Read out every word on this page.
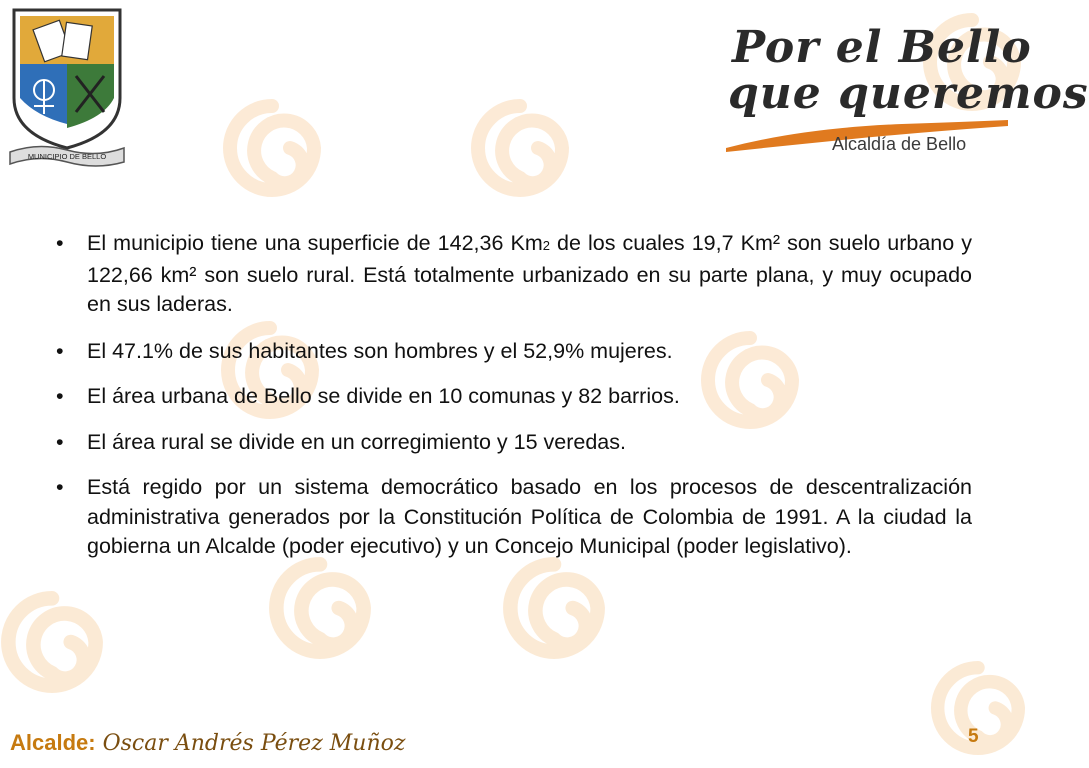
MUNICIPIO DE BELLO
Por el Bello
que queremos
Alcaldía de Bello
• El municipio tiene una superficie de 142,36 Km2 de los cuales 19,7 Km² son suelo urbano y 122,66 km² son suelo rural. Está totalmente urbanizado en su parte plana, y muy ocupado en sus laderas.
• El 47.1% de sus habitantes son hombres y el 52,9% mujeres.
• El área urbana de Bello se divide en 10 comunas y 82 barrios.
• El área rural se divide en un corregimiento y 15 veredas.
• Está regido por un sistema democrático basado en los procesos de descentralización administrativa generados por la Constitución Política de Colombia de 1991. A la ciudad la gobierna un Alcalde (poder ejecutivo) y un Concejo Municipal (poder legislativo).
Alcalde: Oscar Andrés Pérez Muñoz	5
